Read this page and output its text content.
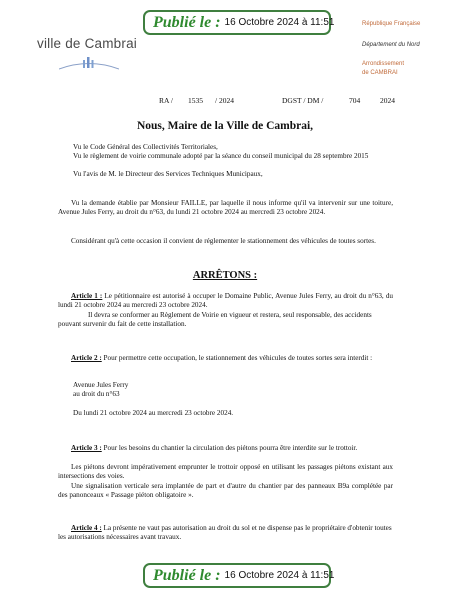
Publié le : 16 Octobre 2024 à 11:51
ville de Cambrai
République Française
Département du Nord
Arrondissement
de CAMBRAI
RA / 1535 / 2024	DGST / DM /	704	2024
Nous, Maire de la Ville de Cambrai,
Vu le Code Général des Collectivités Territoriales,
Vu le règlement de voirie communale adopté par la séance du conseil municipal du 28 septembre 2015
Vu l'avis de M. le Directeur des Services Techniques Municipaux,
Vu la demande établie par Monsieur FAILLE, par laquelle il nous informe qu'il va intervenir sur une toiture, Avenue Jules Ferry, au droit du n°63, du lundi 21 octobre 2024 au mercredi 23 octobre 2024.
Considérant qu'à cette occasion il convient de réglementer le stationnement des véhicules de toutes sortes.
ARRÊTONS :
Article 1 : Le pétitionnaire est autorisé à occuper le Domaine Public, Avenue Jules Ferry, au droit du n°63, du lundi 21 octobre 2024 au mercredi 23 octobre 2024.
Il devra se conformer au Règlement de Voirie en vigueur et restera, seul responsable, des accidents pouvant survenir du fait de cette installation.
Article 2 : Pour permettre cette occupation, le stationnement des véhicules de toutes sortes sera interdit :
Avenue Jules Ferry
au droit du n°63
Du lundi 21 octobre 2024 au mercredi 23 octobre 2024.
Article 3 : Pour les besoins du chantier la circulation des piétons pourra être interdite sur le trottoir.
Les piétons devront impérativement emprunter le trottoir opposé en utilisant les passages piétons existant aux intersections des voies.
Une signalisation verticale sera implantée de part et d'autre du chantier par des panneaux B9a complétée par des panonceaux « Passage piéton obligatoire ».
Article 4 : La présente ne vaut pas autorisation au droit du sol et ne dispense pas le propriétaire d'obtenir toutes les autorisations nécessaires avant travaux.
Publié le : 16 Octobre 2024 à 11:51
